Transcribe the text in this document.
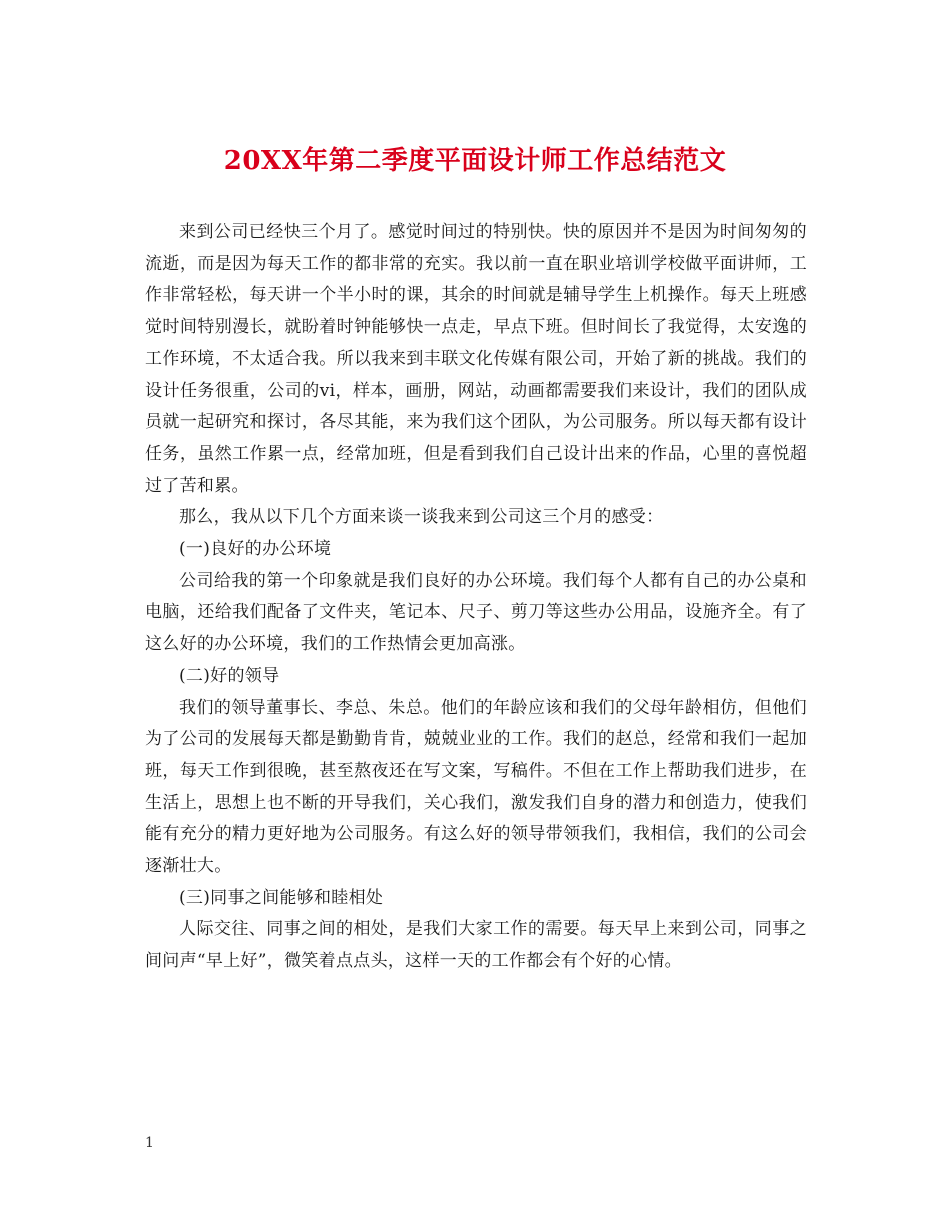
20XX年第二季度平面设计师工作总结范文

来到公司已经快三个月了。感觉时间过的特别快。快的原因并不是因为时间匆匆的流逝，而是因为每天工作的都非常的充实。我以前一直在职业培训学校做平面讲师，工作非常轻松，每天讲一个半小时的课，其余的时间就是辅导学生上机操作。每天上班感觉时间特别漫长，就盼着时钟能够快一点走，早点下班。但时间长了我觉得，太安逸的工作环境，不太适合我。所以我来到丰联文化传媒有限公司，开始了新的挑战。我们的设计任务很重，公司的vi，样本，画册，网站，动画都需要我们来设计，我们的团队成员就一起研究和探讨，各尽其能，来为我们这个团队，为公司服务。所以每天都有设计任务，虽然工作累一点，经常加班，但是看到我们自己设计出来的作品，心里的喜悦超过了苦和累。

那么，我从以下几个方面来谈一谈我来到公司这三个月的感受：

(一)良好的办公环境

公司给我的第一个印象就是我们良好的办公环境。我们每个人都有自己的办公桌和电脑，还给我们配备了文件夹，笔记本、尺子、剪刀等这些办公用品，设施齐全。有了这么好的办公环境，我们的工作热情会更加高涨。

(二)好的领导

我们的领导董事长、李总、朱总。他们的年龄应该和我们的父母年龄相仿，但他们为了公司的发展每天都是勤勤肯肯，兢兢业业的工作。我们的赵总，经常和我们一起加班，每天工作到很晚，甚至熬夜还在写文案，写稿件。不但在工作上帮助我们进步，在生活上，思想上也不断的开导我们，关心我们，激发我们自身的潜力和创造力，使我们能有充分的精力更好地为公司服务。有这么好的领导带领我们，我相信，我们的公司会逐渐壮大。

(三)同事之间能够和睦相处

人际交往、同事之间的相处，是我们大家工作的需要。每天早上来到公司，同事之间问声“早上好”，微笑着点点头，这样一天的工作都会有个好的心情。

1
